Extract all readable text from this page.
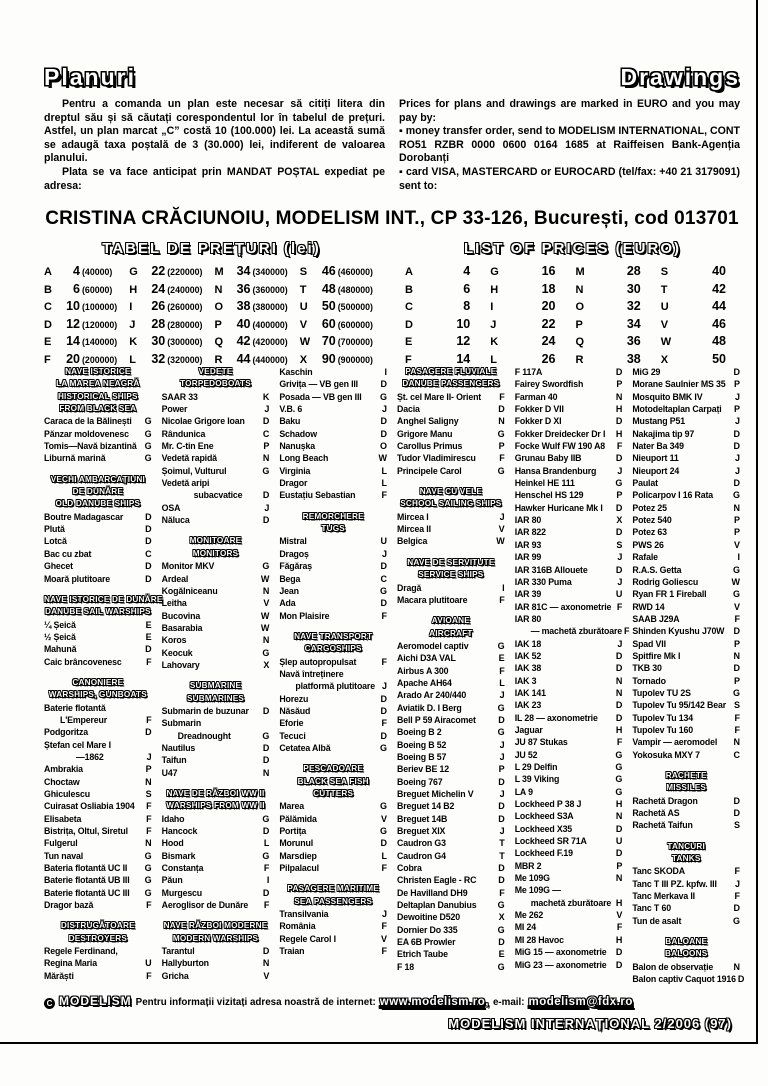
Planuri	Drawings

Pentru a comanda un plan este necesar să citiți litera din dreptul său și să căutați corespondentul lor în tabelul de prețuri. Astfel, un plan marcat „C” costă 10 (100.000) lei. La această sumă se adaugă taxa poștală de 3 (30.000) lei, indiferent de valoarea planului.

Plata se va face anticipat prin MANDAT POȘTAL expediat pe adresa:

Prices for plans and drawings are marked in EURO and you may pay by:

▪ money transfer order, send to MODELISM INTERNATIONAL, CONT RO51 RZBR 0000 0600 0164 1685 at Raiffeisen Bank-Agenția Dorobanți

▪ card VISA, MASTERCARD or EUROCARD (tel/fax: +40 21 3179091) sent to:

CRISTINA CRĂCIUNOIU, MODELISM INT., CP 33-126, București, cod 013701
TABEL DE PREȚURI (lei)
A	4 (40000) G	22 (220000) M	34 (340000) S	46 (460000)
B	6 (60000) H	24 (240000) N	36 (360000) T	48 (480000)
C	10 (100000) I	26 (260000) O	38 (380000) U	50 (500000)
D	12 (120000) J	28 (280000) P	40 (400000) V	60 (600000)
E	14 (140000) K	30 (300000) Q	42 (420000) W 70 (700000)
F	20 (200000) L	32 (320000) R	44 (440000) X	90 (900000)
LIST OF PRICES (EURO)
A	4	G	16	M	28	S	40
B	6	H	18	N	30	T	42
C	8	I	20	O	32	U	44
D	10	J	22	P	34	V	46
E	12	K	24	Q	36	W	48
F	14	L	26	R	38	X	50
NAVE ISTORICE
LA MAREA NEAGRĂ
HISTORICAL SHIPS
FROM BLACK SEA
Caraca de la Bălinești G
Pănzar moldovenesc G
Tomis—Navă bizantină G
Liburnă marină	G
VECHI AMBARCAȚIUNI
DE DUNĂRE
OLD DANUBE SHIPS
Boutre Madagascar D
Plută	D
Lotcă	D
Bac cu zbat	C
Ghecet	D
Moară plutitoare	D
NAVE ISTORICE DE DUNĂRE
DANUBE SAIL WARSHIPS
¼ Șeică	E
½ Șeică	E
Mahună	D
Caic brâncovenesc	F
CANONIERE
WARSHIPS, GUNBOATS
Baterie flotantă
L'Empereur	F
Podgoritza	D
Ștefan cel Mare I
—1862	J
Ambrakia	P
Choctaw	N
Ghiculescu	S
Cuirasat Osliabia 1904 F
Elisabeta	F
Bistrița, Oltul, Siretul F
Fulgerul	N
Tun naval	G
Bateria flotantă UC II G
Baterie flotantă UB III G
Baterie flotantă UC III G
Dragor bază	F
DISTRUGĂTOARE
DESTROYERS
Regele Ferdinand,
Regina Maria	U
Mărăști	F
VEDETE
TORPEDOBOATS
SAAR 33	K
Power	J
Nicolae Grigore Ioan D
Rândunica	C
Mr. C-tin Ene	P
Vedetă rapidă	N
Șoimul, Vulturul	G
Vedetă aripi
subacvatice D
OSA	J
Năluca	D
MONITOARE
MONITORS
Monitor MKV	G
Ardeal	W
Kogălniceanu	N
Leitha	V
Bucovina	W
Basarabia	W
Koros	N
Keocuk	G
Lahovary	X
SUBMARINE
SUBMARINES
Submarin de buzunar D
Submarin
Dreadnought	G
Nautilus	D
Taifun	D
U47	N
NAVE DE RĂZBOI WW II
WARSHIPS FROM WW II
Idaho	G
Hancock	D
Hood	L
Bismark	G
Constanța	F
Păun	I
Murgescu	D
Aeroglisor de Dunăre F
NAVE RĂZBOI MODERNE
MODERN WARSHIPS
Tarantul	D
Hallyburton	N
Gricha	V
Kaschin	I
Grivița — VB gen III	D
Posada — VB gen III G
V.B. 6	J
Baku	D
Schadow	D
Nanușka	O
Long Beach	W
Virginia	L
Dragor	L
Eustațiu Sebastian	F
REMORCHERE
TUGS
Mistral	U
Dragoș	J
Făgăraș	D
Bega	C
Jean	G
Ada	D
Mon Plaisire	F
NAVE TRANSPORT
CARGOSHIPS
Șlep autopropulsat	F
Navă întreținere
platformă plutitoare J
Horezu	D
Năsăud	D
Eforie	F
Tecuci	D
Cetatea Albă	G
PESCADOARE
BLACK SEA FISH
CUTTERS
Marea	G
Pălămida	V
Portița	G
Morunul	D
Marsdiep	L
Pilpalacul	F
PASAGERE MARITIME
SEA PASSENGERS
Transilvania	J
România	F
Regele Carol I	V
Traian	F
PASAGERE FLUVIALE
DANUBE PASSENGERS
Șt. cel Mare II- Orient F
Dacia	D
Anghel Saligny	N
Grigore Manu	G
Carollus Primus	P
Tudor Vladimirescu	F
Principele Carol	G
NAVE CU VELE
SCHOOL SAILING SHIPS
Mircea I	J
Mircea II	V
Belgica	W
NAVE DE SERVITUTE
SERVICE SHIPS
Dragă	I
Macara plutitoare	F
AVIOANE
AIRCRAFT
Aeromodel captiv	G
Aichi D3A VAL	E
Airbus A 300	F
Apache AH64	L
Arado Ar 240/440	J
Aviatik D. I Berg	G
Bell P 59 Airacomet D
Boeing B 2	G
Boeing B 52	J
Boeing B 57	J
Beriev BE 12	P
Boeing 767	D
Breguet Michelin V	J
Breguet 14 B2	D
Breguet 14B	D
Breguet XIX	J
Caudron G3	T
Caudron G4	T
Cobra	D
Christen Eagle - RC D
De Havilland DH9	F
Deltaplan Danubius G
Dewoitine D520	X
Dornier Do 335	G
EA 6B Prowler	D
Etrich Taube	E
F 18	G
F 117A	D
Fairey Swordfish	P
Farman 40	N
Fokker D VII	H
Fokker D XI	D
Fokker Dreidecker Dr I H
Focke Wulf FW 190 A8 F
Grunau Baby IIB	D
Hansa Brandenburg J
Heinkel HE 111	G
Henschel HS 129	P
Hawker Huricane Mk I D
IAR 80	X
IAR 822	D
IAR 93	S
IAR 99	J
IAR 316B Allouete	D
IAR 330 Puma	J
IAR 39	U
IAR 81C — axonometrie F
IAR 80
— machetă zburătoare F
IAK 18	J
IAK 52	D
IAK 38	D
IAK 3	N
IAK 141	N
IAK 23	D
IL 28 — axonometrie D
Jaguar	H
JU 87 Stukas	F
JU 52	G
L 29 Delfin	G
L 39 Viking	G
LA 9	G
Lockheed P 38 J	H
Lockheed S3A	N
Lockheed X35	D
Lockheed SR 71A	U
Lockheed F.19	D
MBR 2	P
Me 109G	N
Me 109G —
machetă zburătoare H
Me 262	V
MI 24	F
MI 28 Havoc	H
MiG 15 — axonometrie D
MiG 23 — axonometrie D
MiG 29	D
Morane Saulnier MS 35 P
Mosquito BMK IV	J
Motodeltaplan Carpați P
Mustang P51	J
Nakajima tip 97	D
Nater Ba 349	D
Nieuport 11	J
Nieuport 24	J
Paulat	D
Policarpov I 16 Rata G
Potez 25	N
Potez 540	P
Potez 63	P
PWS 26	V
Rafale	I
R.A.S. Getta	G
Rodrig Goliescu	W
Ryan FR 1 Fireball	G
RWD 14	V
SAAB J29A	F
Shinden Kyushu J70W D
Spad VII	P
Spitfire Mk I	N
TKB 30	D
Tornado	P
Tupolev TU 2S	G
Tupolev Tu 95/142 Bear S
Tupolev Tu 134	F
Tupolev Tu 160	F
Vampir — aeromodel N
Yokosuka MXY 7	C
RACHETE
MISSILES
Rachetă Dragon	D
Rachetă AS	D
Rachetă Taifun	S
TANCURI
TANKS
Tanc SKODA	F
Tanc T III PZ. kpfw. III J
Tanc Merkava II	F
Tanc T 60	D
Tun de asalt	G
BALOANE
BALOONS
Balon de observație N
Balon captiv Caquot 1916 D
C MODELISM Pentru informații vizitați adresa noastră de internet: www.modelism.ro, e-mail: modelism@fdx.ro
MODELISM INTERNAȚIONAL 2/2006 (97)
